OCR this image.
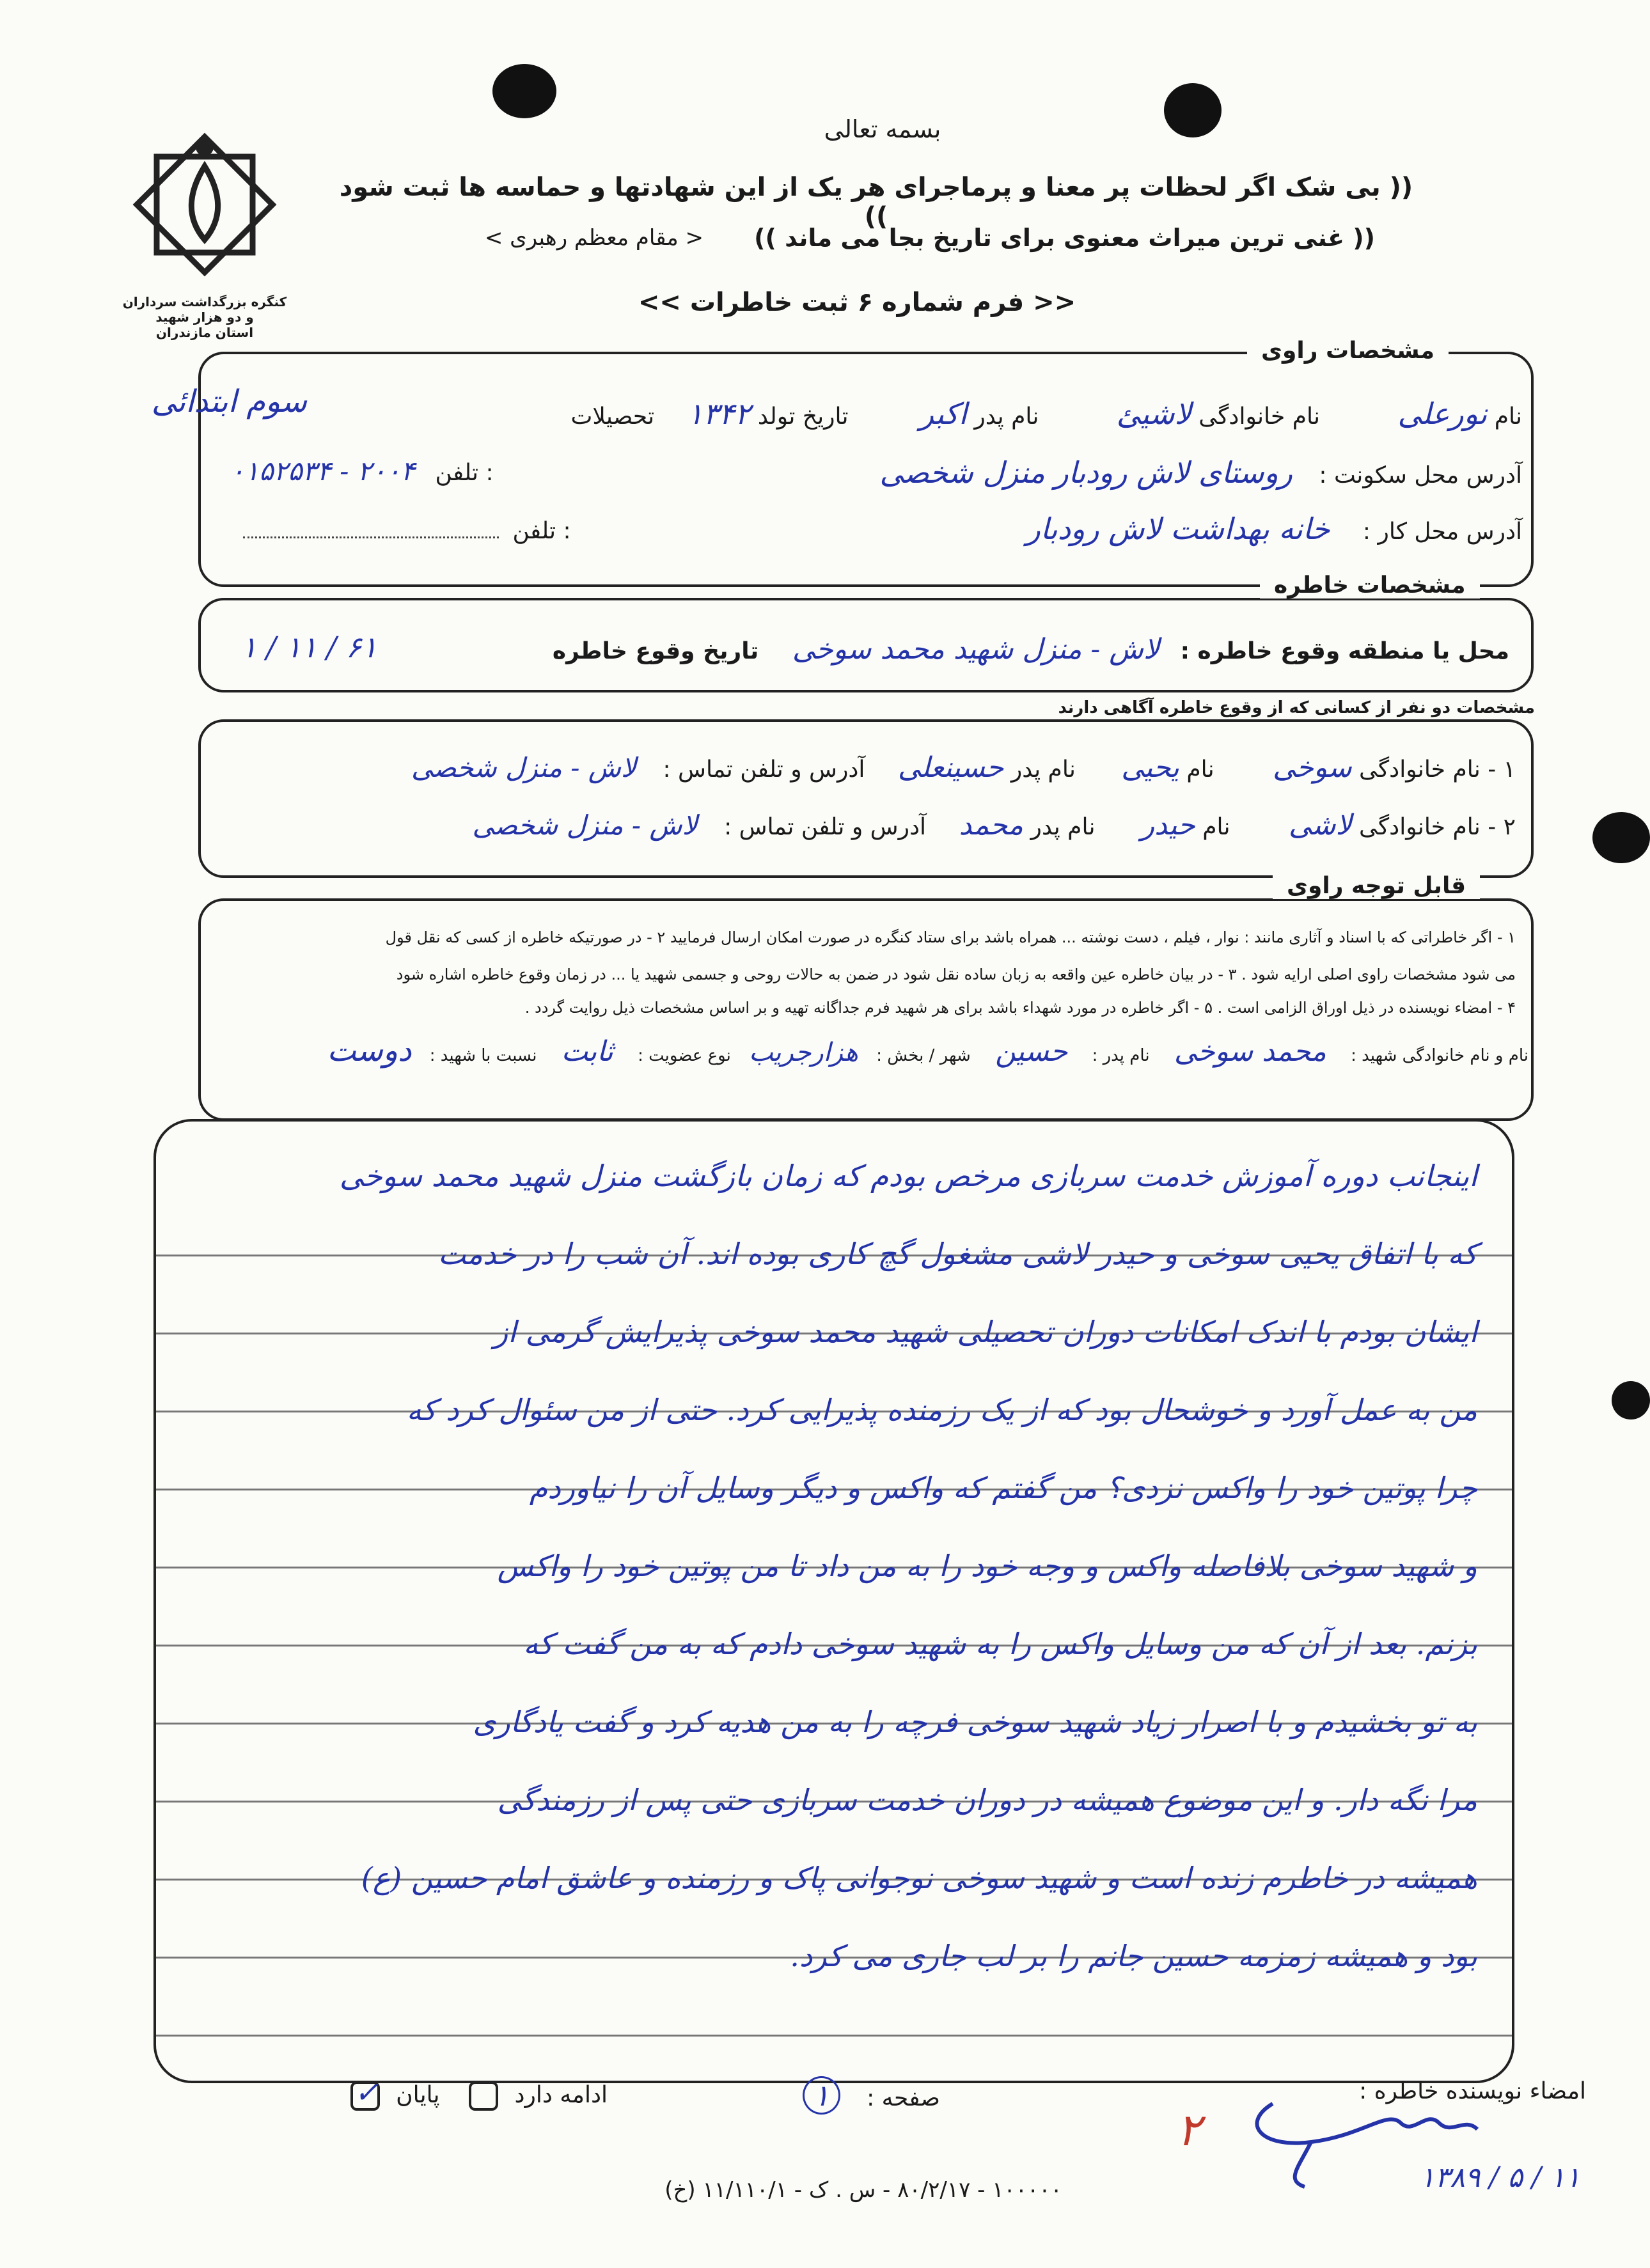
بسمه تعالی
(( بی شک اگر لحظات پر معنا و پرماجرای هر یک از این شهادتها و حماسه ها ثبت شود ))
(( غنی ترین میراث معنوی برای تاریخ بجا می ماند ))
< مقام معظم رهبری >
<< فرم شماره ۶ ثبت خاطرات >>
کنگره بزرگداشت سرداران و دو هزار شهید
استان مازندران
مشخصات راوی
نام نورعلی نام خانوادگی لاشیئ نام پدر اکبر تاریخ تولد ۱۳۴۲ تحصیلات
سوم ابتدائی
آدرس محل سکونت : روستای لاش رودبار منزل شخصی
۰۱۵۲۵۳۴ - ۲۰۰۴ تلفن :
آدرس محل کار : خانه بهداشت لاش رودبار
تلفن :
مشخصات خاطره
محل یا منطقه وقوع خاطره : لاش - منزل شهید محمد سوخی تاریخ وقوع خاطره
۶۱ / ۱۱ / ۱
مشخصات دو نفر از کسانی که از وقوع خاطره آگاهی دارند
۱ - نام خانوادگی سوخی نام یحیی نام پدر حسینعلی آدرس و تلفن تماس : لاش - منزل شخصی
۲ - نام خانوادگی لاشی نام حیدر نام پدر محمد آدرس و تلفن تماس : لاش - منزل شخصی
قابل توجه راوی
۱ - اگر خاطراتی که با اسناد و آثاری مانند : نوار ، فیلم ، دست نوشته ... همراه باشد برای ستاد کنگره در صورت امکان ارسال فرمایید ۲ - در صورتیکه خاطره از کسی که نقل قول
می شود مشخصات راوی اصلی ارایه شود . ۳ - در بیان خاطره عین واقعه به زبان ساده نقل شود در ضمن به حالات روحی و جسمی شهید یا ... در زمان وقوع خاطره اشاره شود
۴ - امضاء نویسنده در ذیل اوراق الزامی است . ۵ - اگر خاطره در مورد شهداء باشد برای هر شهید فرم جداگانه تهیه و بر اساس مشخصات ذیل روایت گردد .
نام و نام خانوادگی شهید : محمد سوخی نام پدر : حسین شهر / بخش : هزارجریب نوع عضویت : ثابت نسبت با شهید : دوست
اینجانب دوره آموزش خدمت سربازی مرخص بودم که زمان بازگشت منزل شهید محمد سوخی
که با اتفاق یحیی سوخی و حیدر لاشی مشغول گچ کاری بوده اند. آن شب را در خدمت
ایشان بودم با اندک امکانات دوران تحصیلی شهید محمد سوخی پذیرایش گرمی از
من به عمل آورد و خوشحال بود که از یک رزمنده پذیرایی کرد. حتی از من سئوال کرد که
چرا پوتین خود را واکس نزدی؟ من گفتم که واکس و دیگر وسایل آن را نیاوردم
و شهید سوخی بلافاصله واکس و وجه خود را به من داد تا من پوتین خود را واکس
بزنم. بعد از آن که من وسایل واکس را به شهید سوخی دادم که به من گفت که
به تو بخشیدم و با اصرار زیاد شهید سوخی فرچه را به من هدیه کرد و گفت یادگاری
مرا نگه دار. و این موضوع همیشه در دوران خدمت سربازی حتی پس از رزمندگی
همیشه در خاطرم زنده است و شهید سوخی نوجوانی پاک و رزمنده و عاشق امام حسین (ع)
بود و همیشه زمزمه حسین جانم را بر لب جاری می کرد.
امضاء نویسنده خاطره :
۲
۱۱ / ۵ / ۱۳۸۹
صفحه : ۱
ادامه دارد  پایان
✓
۱۰۰۰۰۰ - ۸۰/۲/۱۷ - س . ک - ۱۱/۱۱۰/۱ (خ)
